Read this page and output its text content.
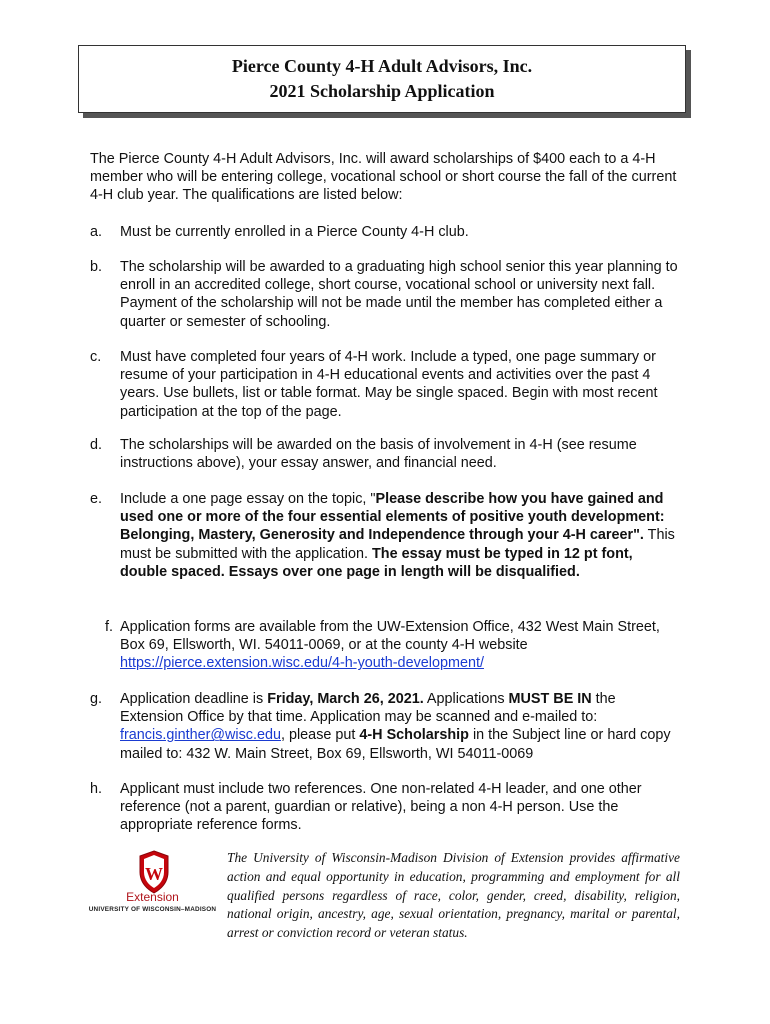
Pierce County 4-H Adult Advisors, Inc.
2021 Scholarship Application
The Pierce County 4-H Adult Advisors, Inc. will award scholarships of $400 each to a 4-H member who will be entering college, vocational school or short course the fall of the current 4-H club year. The qualifications are listed below:
a. Must be currently enrolled in a Pierce County 4-H club.
b. The scholarship will be awarded to a graduating high school senior this year planning to enroll in an accredited college, short course, vocational school or university next fall. Payment of the scholarship will not be made until the member has completed either a quarter or semester of schooling.
c. Must have completed four years of 4-H work. Include a typed, one page summary or resume of your participation in 4-H educational events and activities over the past 4 years. Use bullets, list or table format. May be single spaced. Begin with most recent participation at the top of the page.
d. The scholarships will be awarded on the basis of involvement in 4-H (see resume instructions above), your essay answer, and financial need.
e. Include a one page essay on the topic, "Please describe how you have gained and used one or more of the four essential elements of positive youth development: Belonging, Mastery, Generosity and Independence through your 4-H career". This must be submitted with the application. The essay must be typed in 12 pt font, double spaced. Essays over one page in length will be disqualified.
f. Application forms are available from the UW-Extension Office, 432 West Main Street, Box 69, Ellsworth, WI. 54011-0069, or at the county 4-H website
https://pierce.extension.wisc.edu/4-h-youth-development/
g. Application deadline is Friday, March 26, 2021. Applications MUST BE IN the Extension Office by that time. Application may be scanned and e-mailed to: francis.ginther@wisc.edu, please put 4-H Scholarship in the Subject line or hard copy mailed to: 432 W. Main Street, Box 69, Ellsworth, WI 54011-0069
h. Applicant must include two references. One non-related 4-H leader, and one other reference (not a parent, guardian or relative), being a non 4-H person. Use the appropriate reference forms.
W
Extension
UNIVERSITY OF WISCONSIN–MADISON
The University of Wisconsin-Madison Division of Extension provides affirmative action and equal opportunity in education, programming and employment for all qualified persons regardless of race, color, gender, creed, disability, religion, national origin, ancestry, age, sexual orientation, pregnancy, marital or parental, arrest or conviction record or veteran status.
